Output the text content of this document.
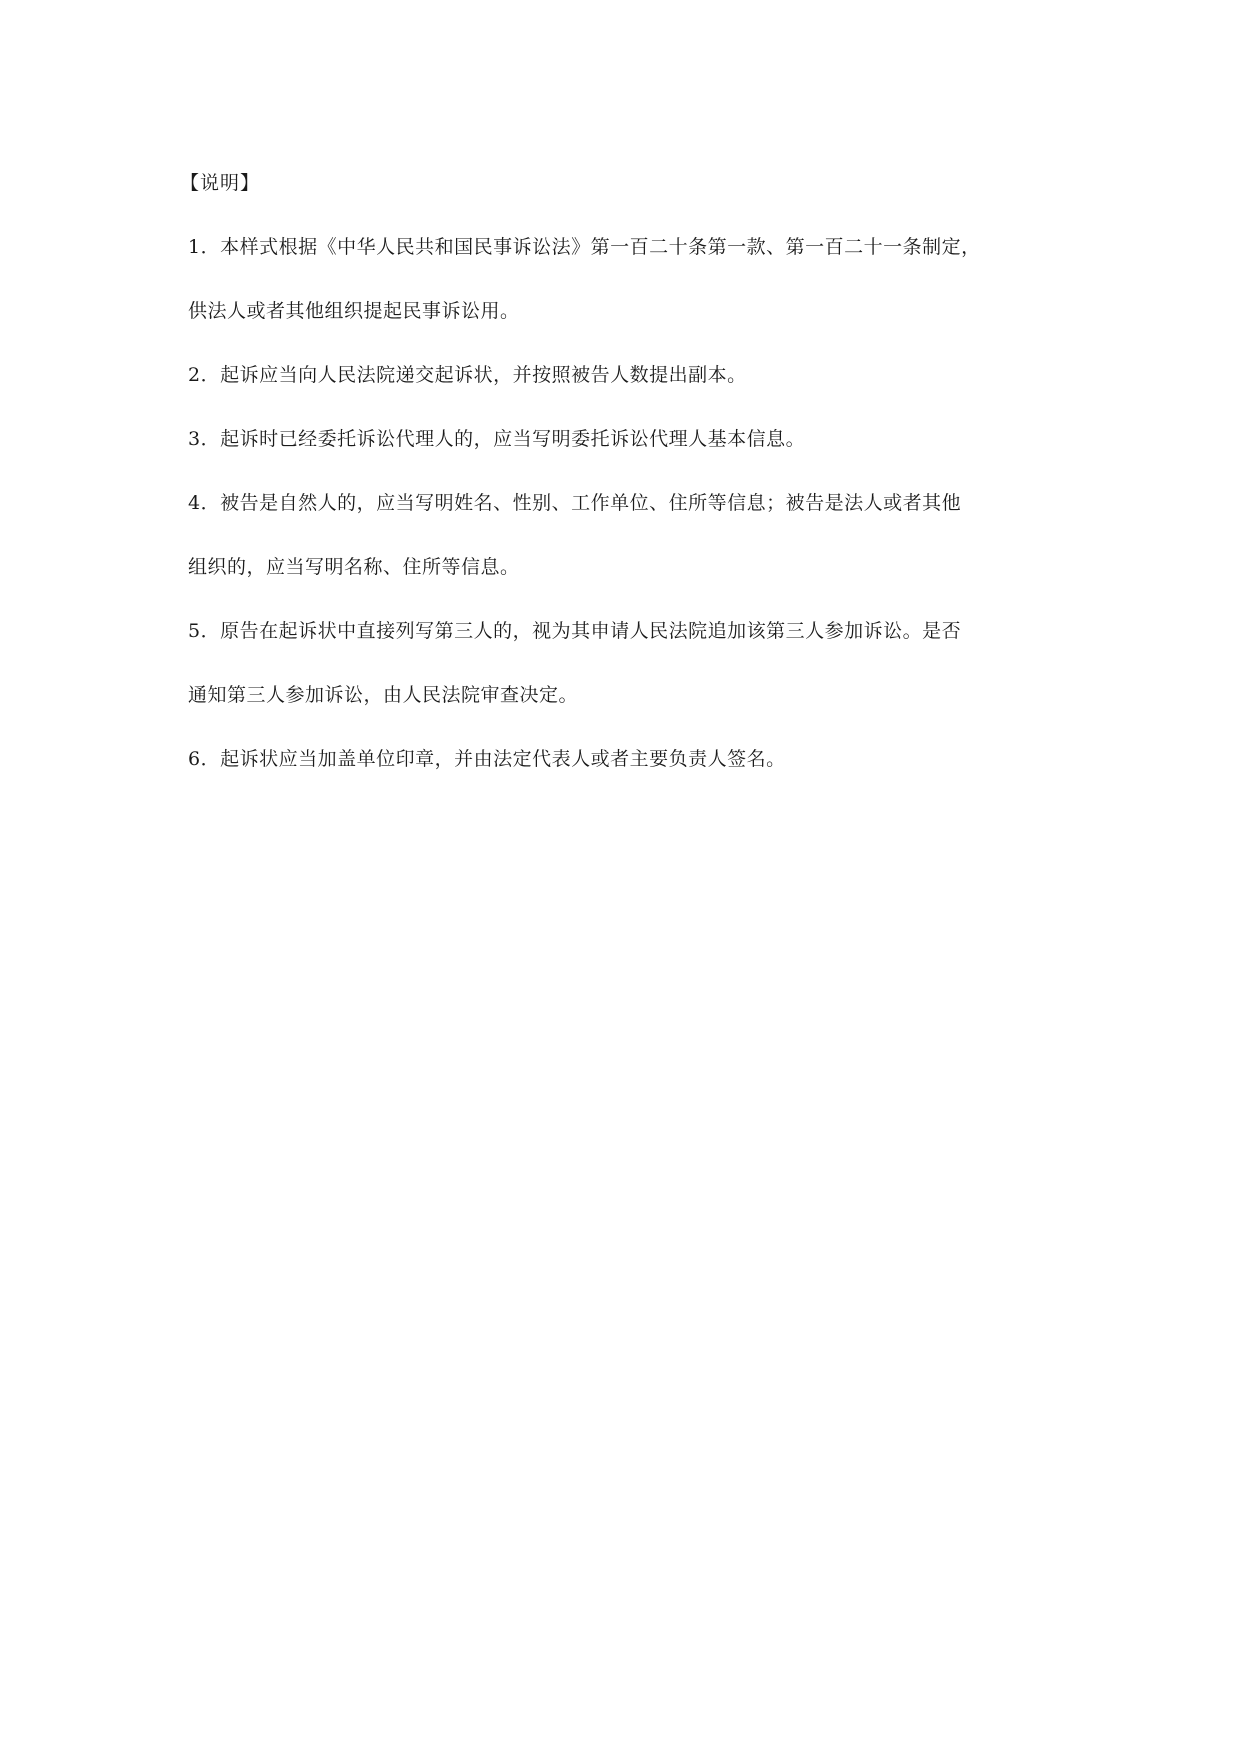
【说明】
1．本样式根据《中华人民共和国民事诉讼法》第一百二十条第一款、第一百二十一条制定，
供法人或者其他组织提起民事诉讼用。
2．起诉应当向人民法院递交起诉状，并按照被告人数提出副本。
3．起诉时已经委托诉讼代理人的，应当写明委托诉讼代理人基本信息。
4．被告是自然人的，应当写明姓名、性别、工作单位、住所等信息；被告是法人或者其他
组织的，应当写明名称、住所等信息。
5．原告在起诉状中直接列写第三人的，视为其申请人民法院追加该第三人参加诉讼。是否
通知第三人参加诉讼，由人民法院审查决定。
6．起诉状应当加盖单位印章，并由法定代表人或者主要负责人签名。
